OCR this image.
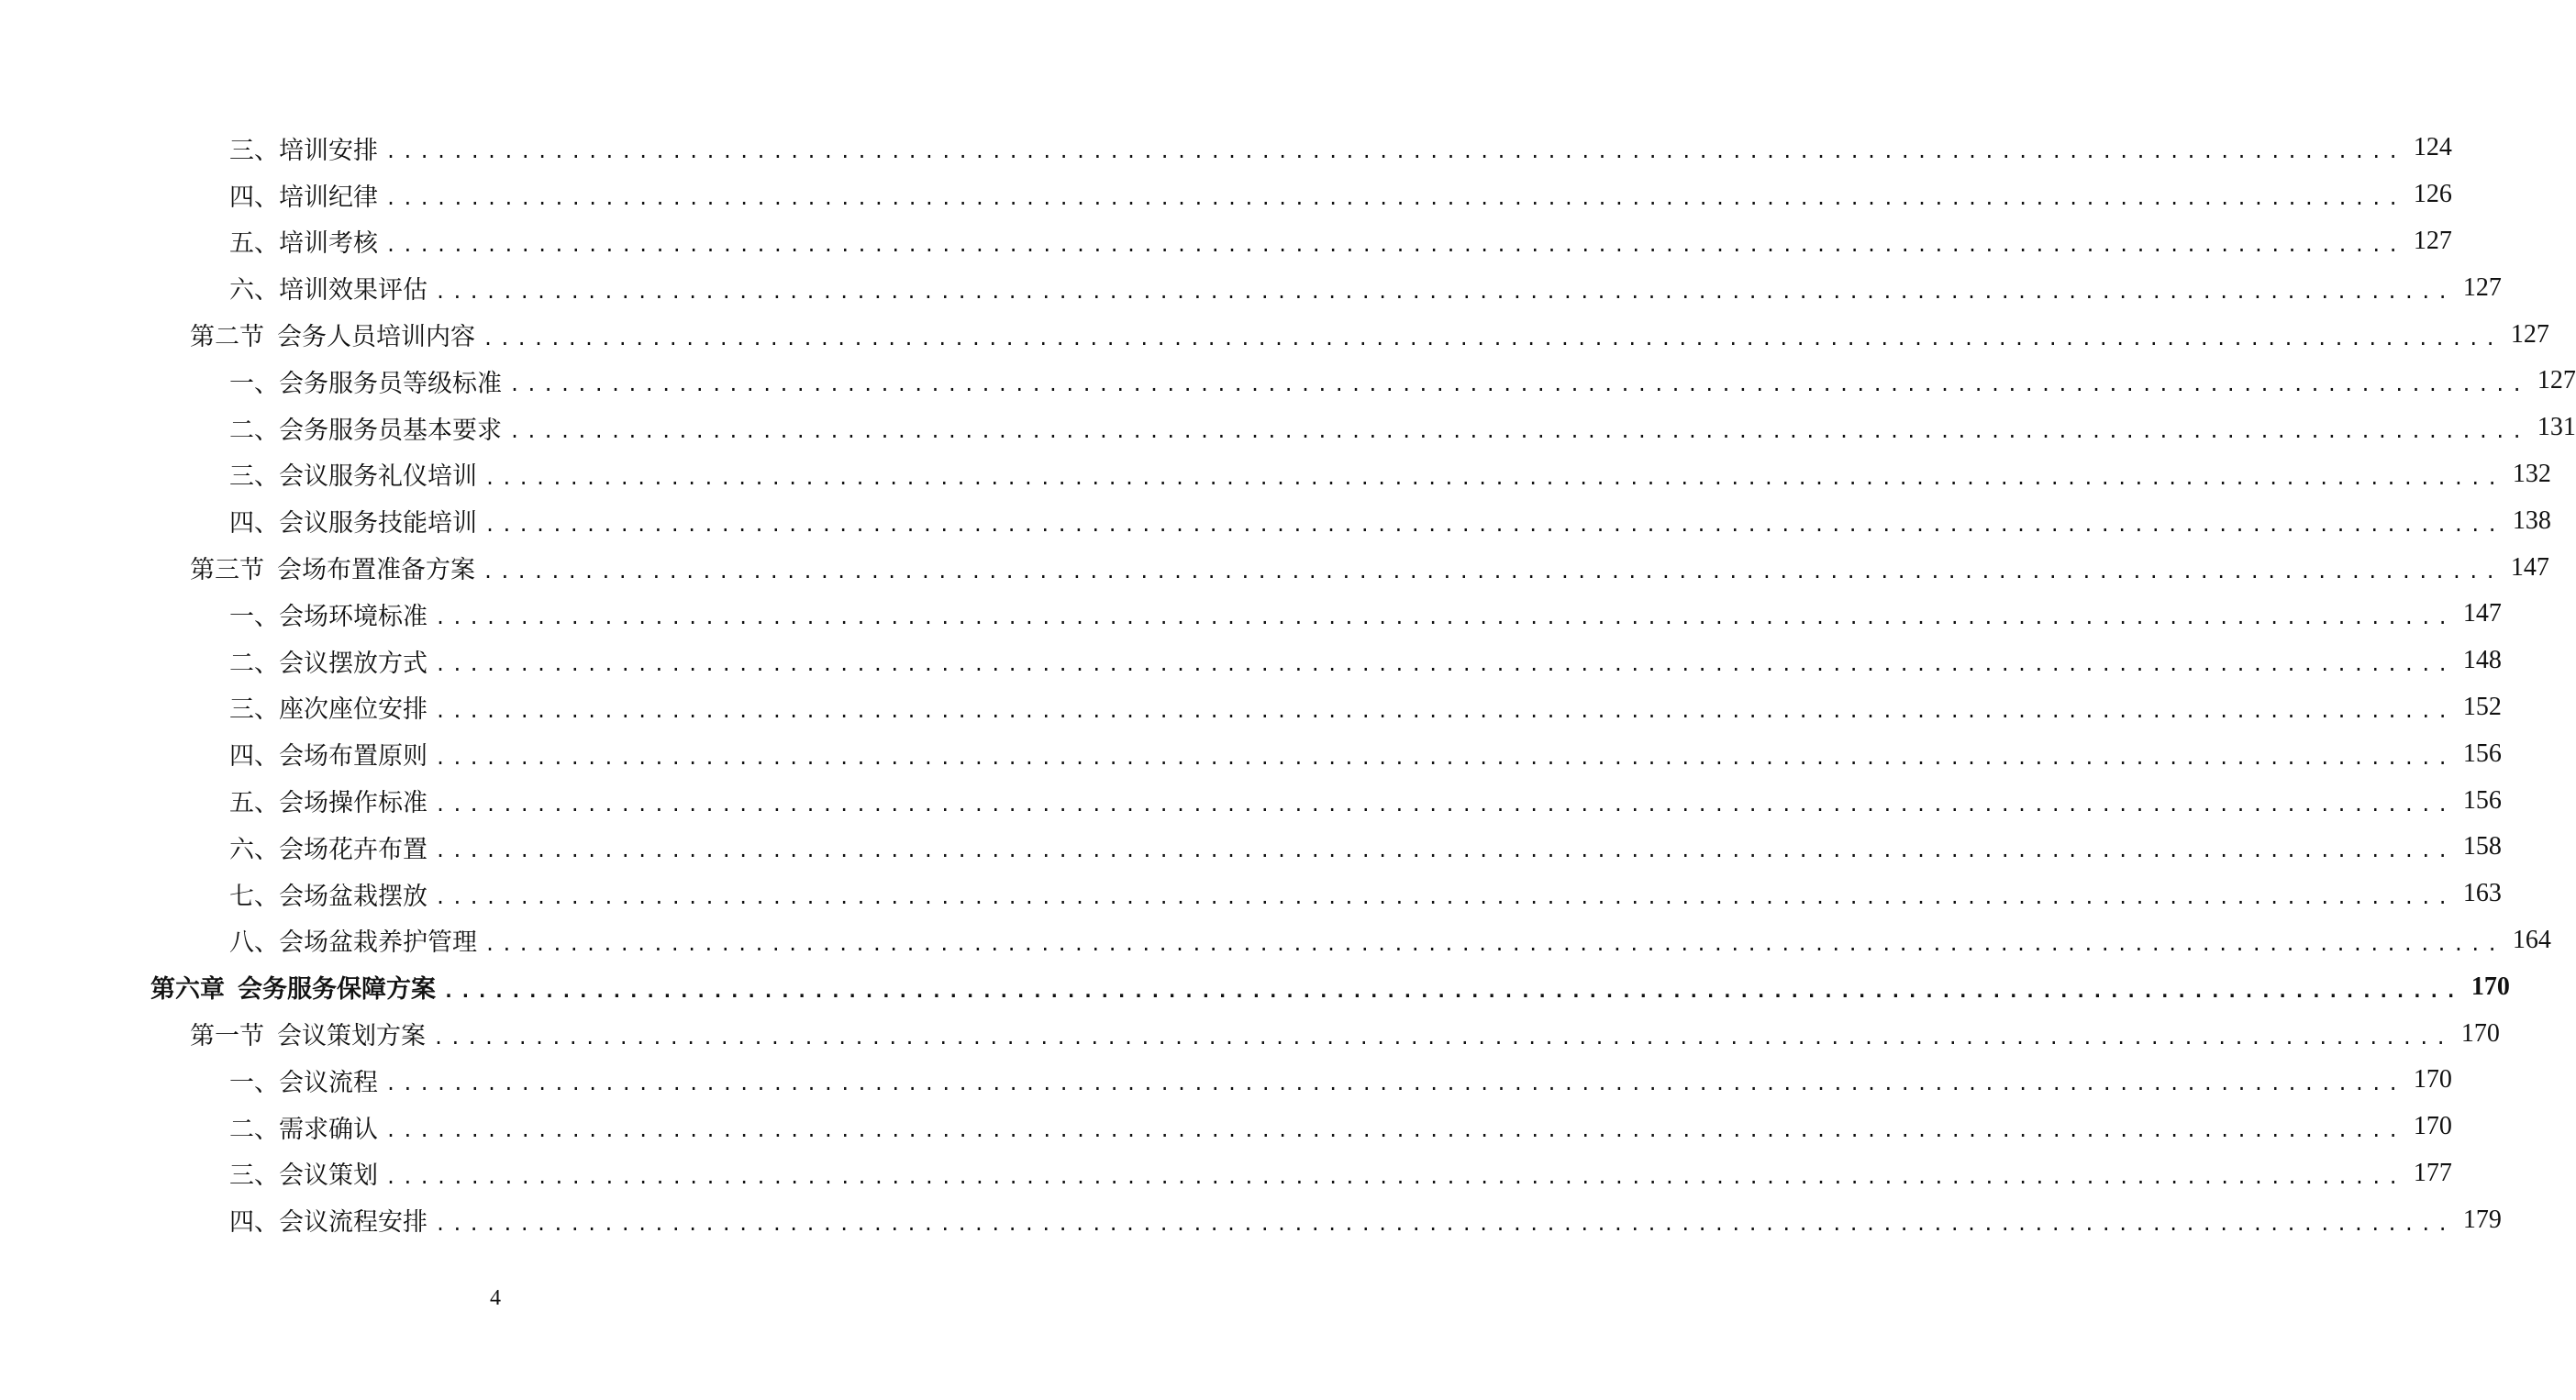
三、培训安排 ........................................................................................................................ 124
四、培训纪律 ........................................................................................................................ 126
五、培训考核 ........................................................................................................................ 127
六、培训效果评估 ........................................................................................................................ 127
第二节 会务人员培训内容 ........................................................................................................................ 127
一、会务服务员等级标准 ........................................................................................................................ 127
二、会务服务员基本要求 ........................................................................................................................ 131
三、会议服务礼仪培训 ........................................................................................................................ 132
四、会议服务技能培训 ........................................................................................................................ 138
第三节 会场布置准备方案 ........................................................................................................................ 147
一、会场环境标准 ........................................................................................................................ 147
二、会议摆放方式 ........................................................................................................................ 148
三、座次座位安排 ........................................................................................................................ 152
四、会场布置原则 ........................................................................................................................ 156
五、会场操作标准 ........................................................................................................................ 156
六、会场花卉布置 ........................................................................................................................ 158
七、会场盆栽摆放 ........................................................................................................................ 163
八、会场盆栽养护管理 ........................................................................................................................ 164
第六章 会务服务保障方案 ........................................................................................................................ 170
第一节 会议策划方案 ........................................................................................................................ 170
一、会议流程 ........................................................................................................................ 170
二、需求确认 ........................................................................................................................ 170
三、会议策划 ........................................................................................................................ 177
四、会议流程安排 ........................................................................................................................ 179
4
